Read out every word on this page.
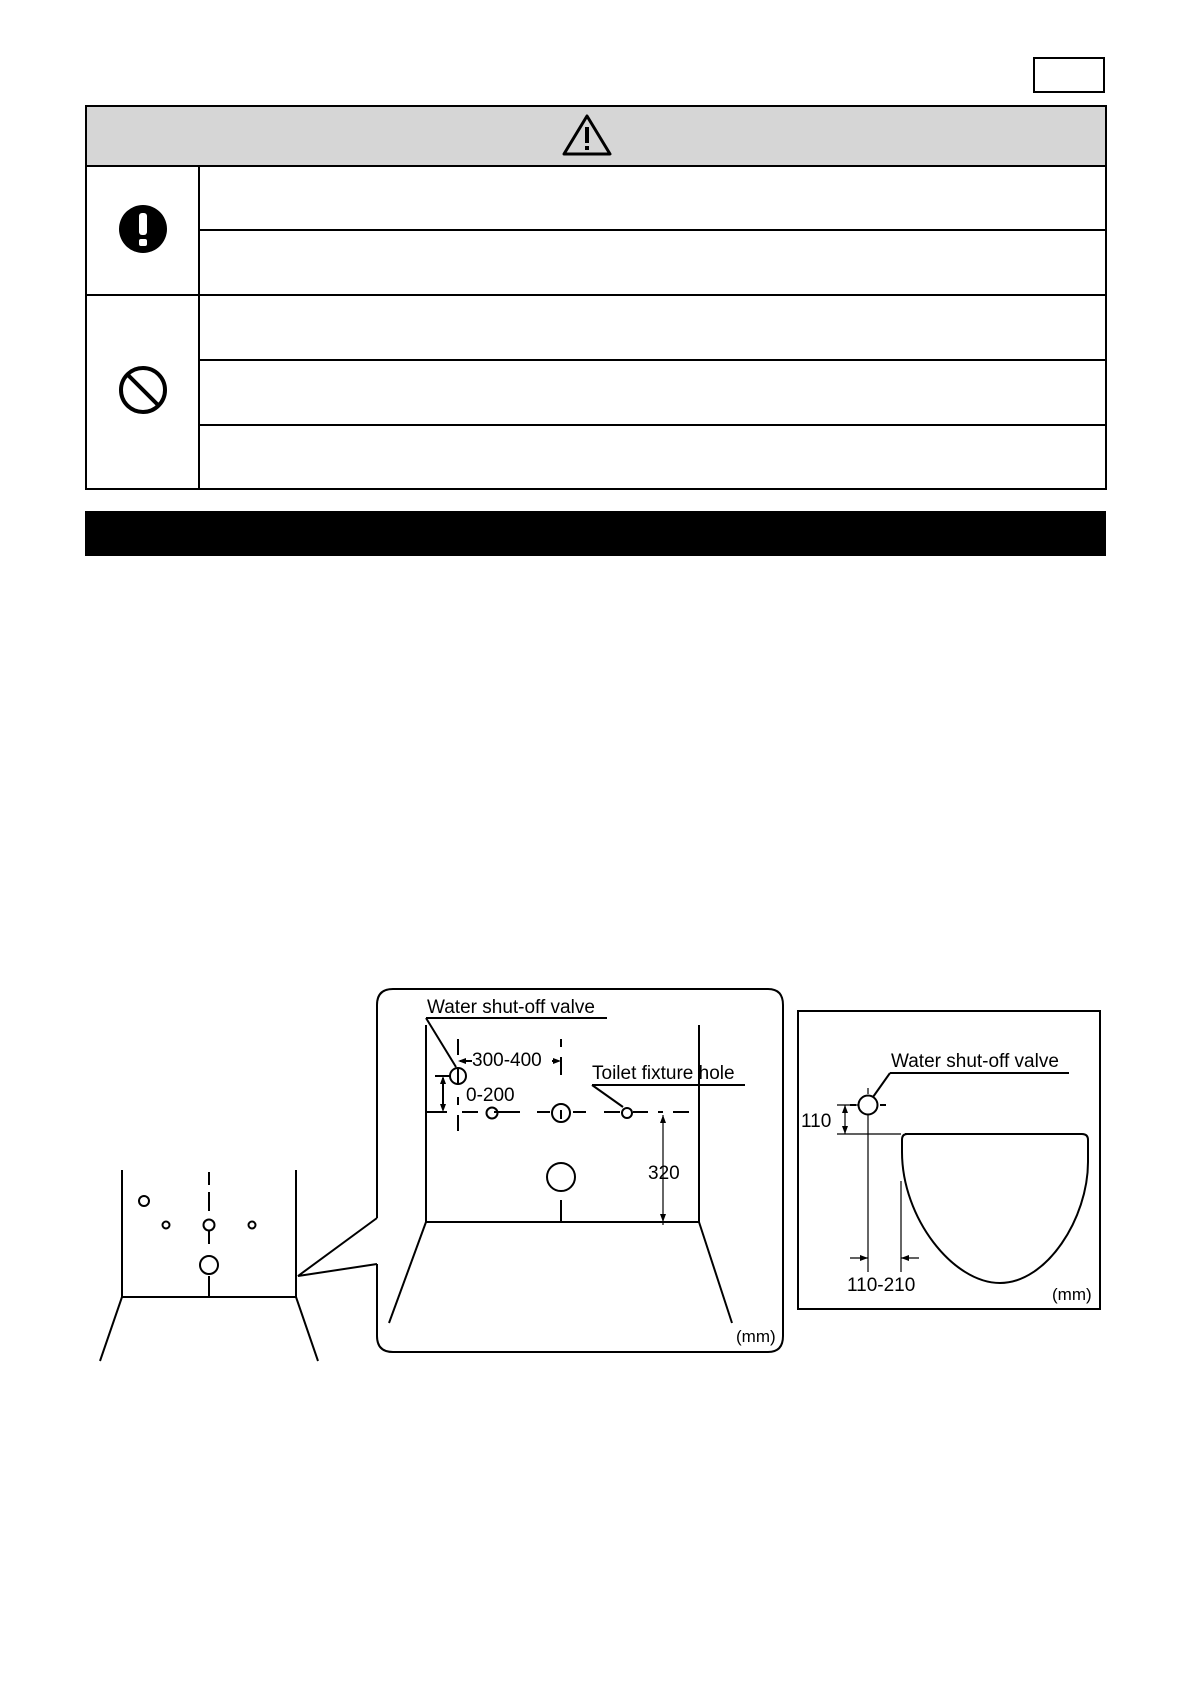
Water shut-off valve
300-400
0-200
Toilet fixture hole
320
(mm)
Water shut-off valve
110
110-210	(mm)
